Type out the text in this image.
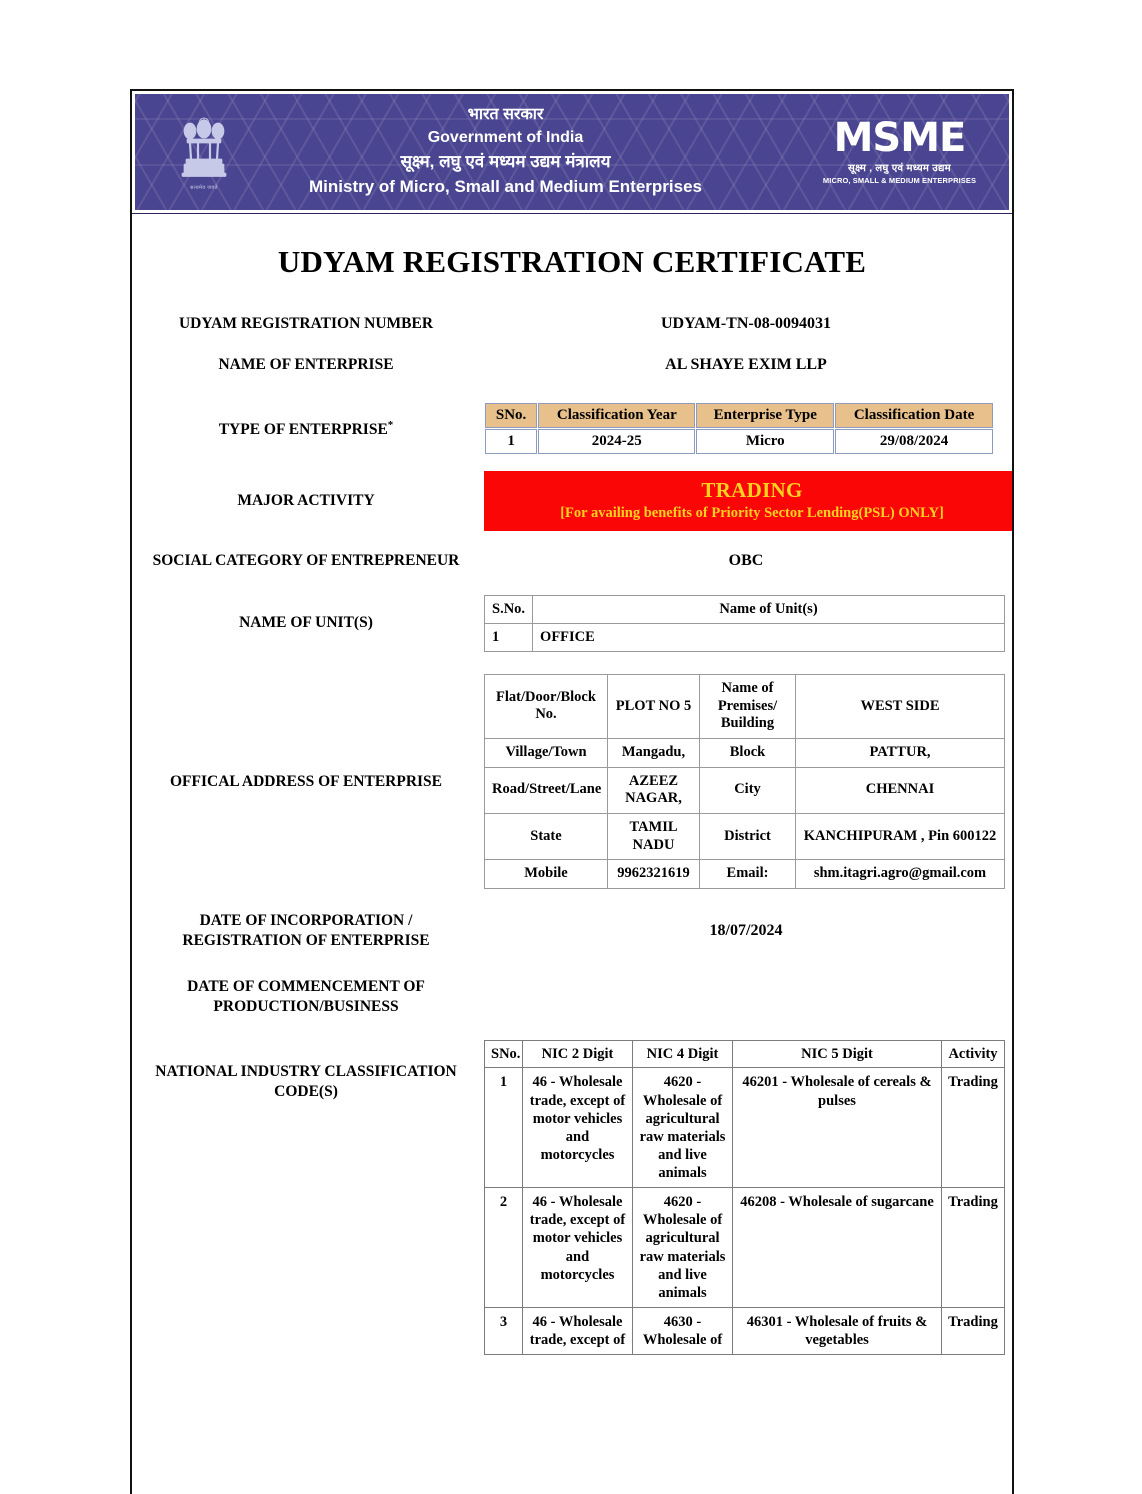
सत्यमेव जयते
भारत सरकार
Government of India
सूक्ष्म, लघु एवं मध्यम उद्यम मंत्रालय
Ministry of Micro, Small and Medium Enterprises
MSME
सूक्ष्म , लघु एवं मध्यम उद्यम
MICRO, SMALL & MEDIUM ENTERPRISES
UDYAM REGISTRATION CERTIFICATE
UDYAM REGISTRATION NUMBER	UDYAM-TN-08-0094031
NAME OF ENTERPRISE	AL SHAYE EXIM LLP
TYPE OF ENTERPRISE*
SNo.	Classification Year	Enterprise Type	Classification Date
1	2024-25	Micro	29/08/2024
MAJOR ACTIVITY	TRADING
[For availing benefits of Priority Sector Lending(PSL) ONLY]
SOCIAL CATEGORY OF ENTREPRENEUR	OBC
NAME OF UNIT(S)
S.No.	Name of Unit(s)
1	OFFICE
OFFICAL ADDRESS OF ENTERPRISE
Flat/Door/Block No.	PLOT NO 5	Name of Premises/ Building	WEST SIDE
Village/Town	Mangadu,	Block	PATTUR,
Road/Street/Lane	AZEEZ NAGAR,	City	CHENNAI
State	TAMIL NADU	District	KANCHIPURAM , Pin 600122
Mobile	9962321619	Email:	shm.itagri.agro@gmail.com
DATE OF INCORPORATION / REGISTRATION OF ENTERPRISE
18/07/2024
DATE OF COMMENCEMENT OF PRODUCTION/BUSINESS
NATIONAL INDUSTRY CLASSIFICATION CODE(S)
SNo.	NIC 2 Digit	NIC 4 Digit	NIC 5 Digit	Activity
1	46 - Wholesale trade, except of motor vehicles and motorcycles	4620 - Wholesale of agricultural raw materials and live animals	46201 - Wholesale of cereals & pulses	Trading
2	46 - Wholesale trade, except of motor vehicles and motorcycles	4620 - Wholesale of agricultural raw materials and live animals	46208 - Wholesale of sugarcane	Trading
3	46 - Wholesale trade, except of	4630 - Wholesale of	46301 - Wholesale of fruits & vegetables	Trading
